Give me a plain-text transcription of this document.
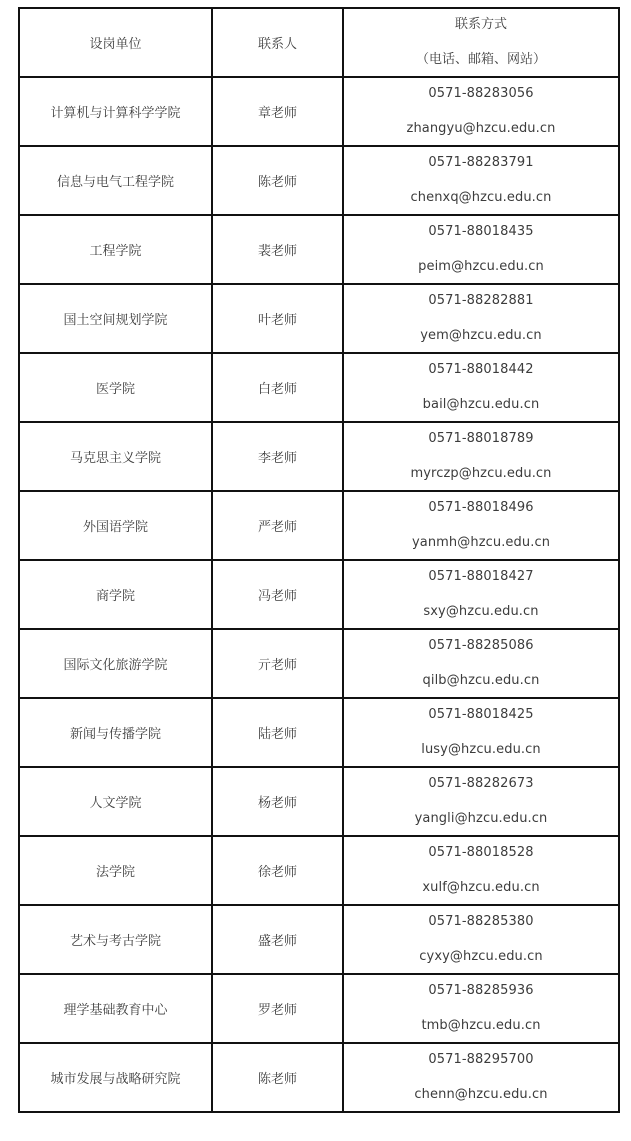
设岗单位	联系人	联系方式
（电话、邮箱、网站）

计算机与计算科学学院	章老师	0571-88283056
zhangyu@hzcu.edu.cn

信息与电气工程学院	陈老师	0571-88283791
chenxq@hzcu.edu.cn

工程学院	裴老师	0571-88018435
peim@hzcu.edu.cn

国土空间规划学院	叶老师	0571-88282881
yem@hzcu.edu.cn

医学院	白老师	0571-88018442
bail@hzcu.edu.cn

马克思主义学院	李老师	0571-88018789
myrczp@hzcu.edu.cn

外国语学院	严老师	0571-88018496
yanmh@hzcu.edu.cn

商学院	冯老师	0571-88018427
sxy@hzcu.edu.cn

国际文化旅游学院	亓老师	0571-88285086
qilb@hzcu.edu.cn

新闻与传播学院	陆老师	0571-88018425
lusy@hzcu.edu.cn

人文学院	杨老师	0571-88282673
yangli@hzcu.edu.cn

法学院	徐老师	0571-88018528
xulf@hzcu.edu.cn

艺术与考古学院	盛老师	0571-88285380
cyxy@hzcu.edu.cn

理学基础教育中心	罗老师	0571-88285936
tmb@hzcu.edu.cn

城市发展与战略研究院	陈老师	0571-88295700
chenn@hzcu.edu.cn
